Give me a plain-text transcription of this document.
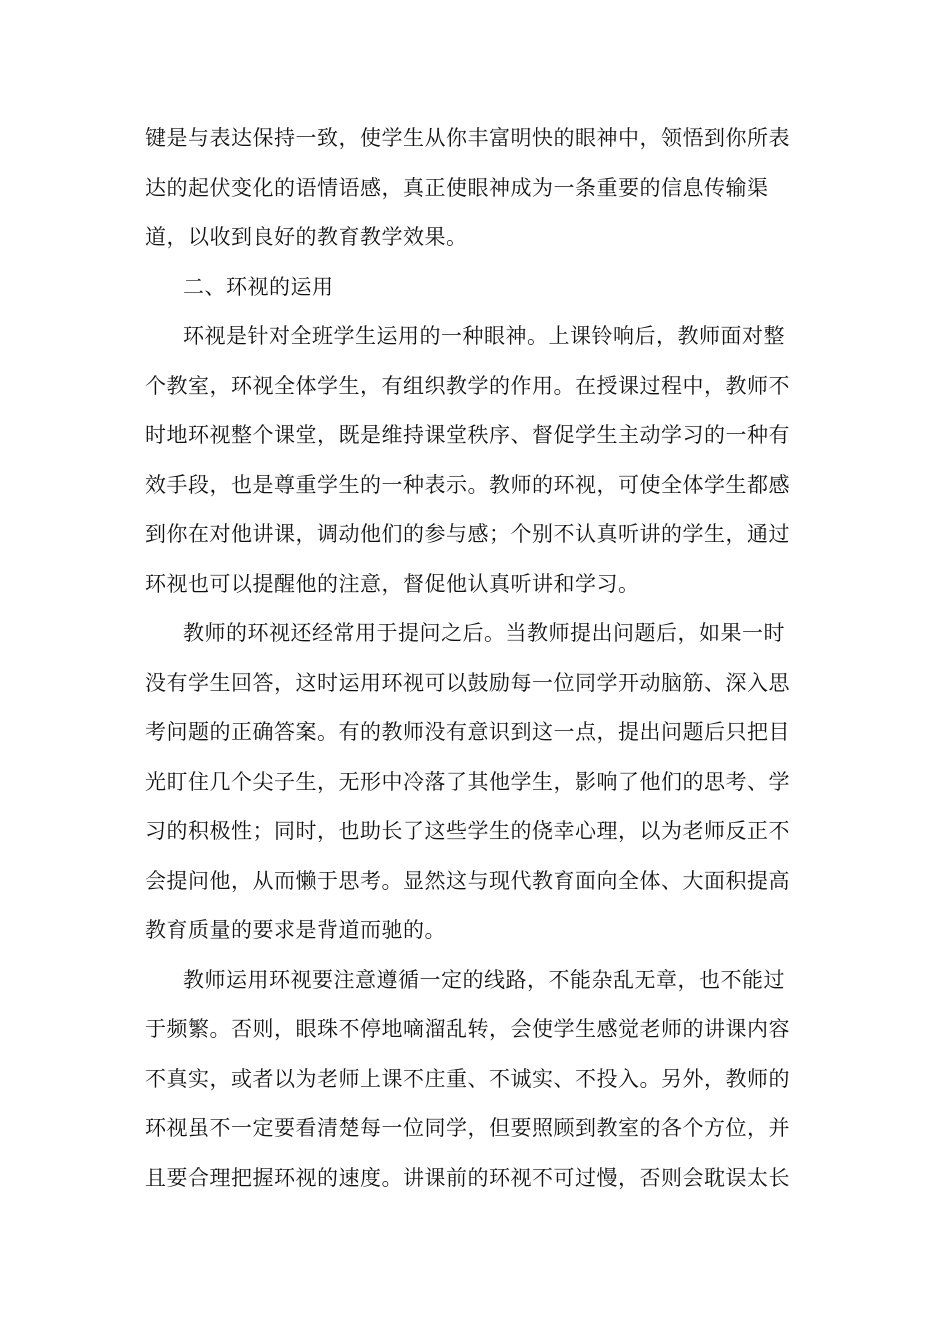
键是与表达保持一致，使学生从你丰富明快的眼神中，领悟到你所表
达的起伏变化的语情语感，真正使眼神成为一条重要的信息传输渠
道，以收到良好的教育教学效果。
二、环视的运用
环视是针对全班学生运用的一种眼神。上课铃响后，教师面对整
个教室，环视全体学生，有组织教学的作用。在授课过程中，教师不
时地环视整个课堂，既是维持课堂秩序、督促学生主动学习的一种有
效手段，也是尊重学生的一种表示。教师的环视，可使全体学生都感
到你在对他讲课，调动他们的参与感；个别不认真听讲的学生，通过
环视也可以提醒他的注意，督促他认真听讲和学习。
教师的环视还经常用于提问之后。当教师提出问题后，如果一时
没有学生回答，这时运用环视可以鼓励每一位同学开动脑筋、深入思
考问题的正确答案。有的教师没有意识到这一点，提出问题后只把目
光盯住几个尖子生，无形中冷落了其他学生，影响了他们的思考、学
习的积极性；同时，也助长了这些学生的侥幸心理，以为老师反正不
会提问他，从而懒于思考。显然这与现代教育面向全体、大面积提高
教育质量的要求是背道而驰的。
教师运用环视要注意遵循一定的线路，不能杂乱无章，也不能过
于频繁。否则，眼珠不停地嘀溜乱转，会使学生感觉老师的讲课内容
不真实，或者以为老师上课不庄重、不诚实、不投入。另外，教师的
环视虽不一定要看清楚每一位同学，但要照顾到教室的各个方位，并
且要合理把握环视的速度。讲课前的环视不可过慢，否则会耽误太长
